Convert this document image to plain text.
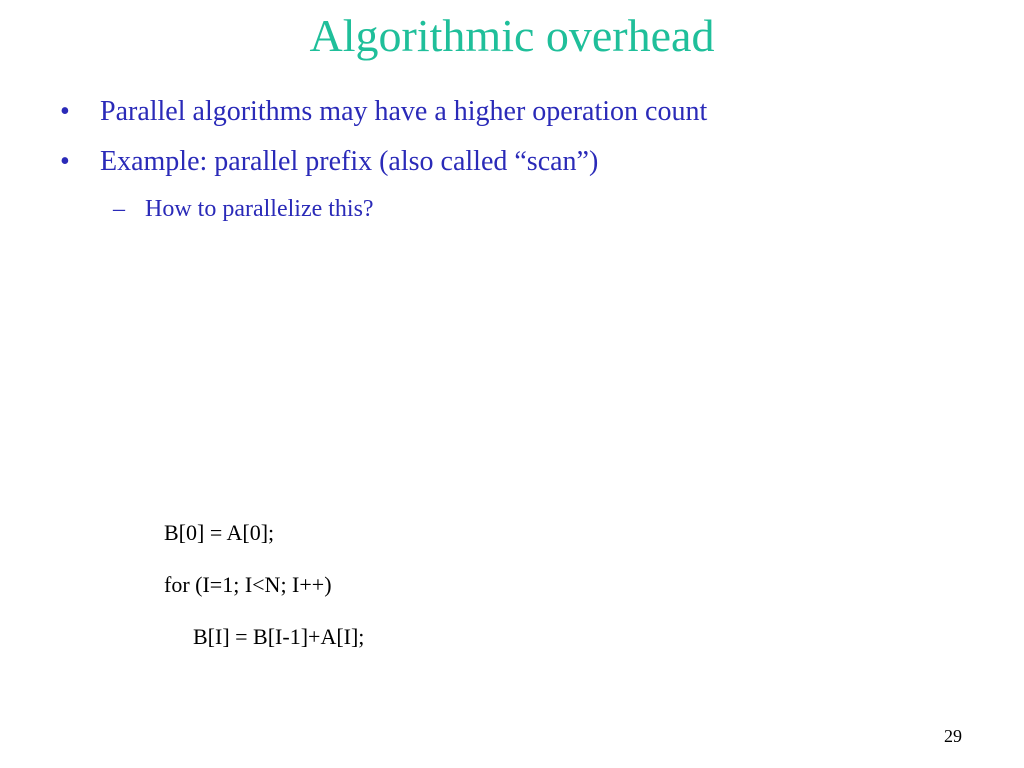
Algorithmic overhead
• Parallel algorithms may have a higher operation count
• Example: parallel prefix (also called “scan”)
– How to parallelize this?

B[0] = A[0];

for (I=1; I<N; I++)

B[I] = B[I-1]+A[I];

29
